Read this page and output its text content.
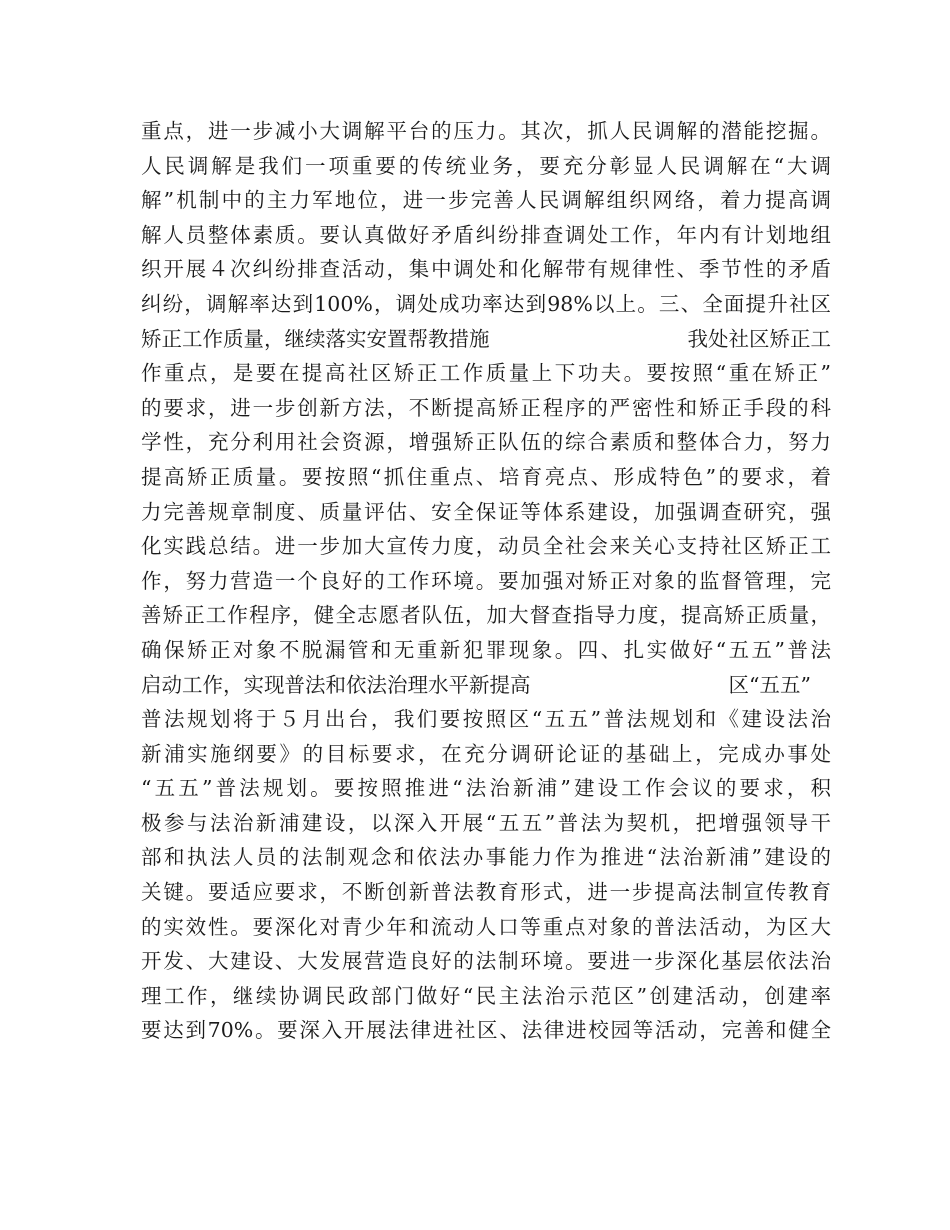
重点，进一步减小大调解平台的压力。其次，抓人民调解的潜能挖掘。
人民调解是我们一项重要的传统业务，要充分彰显人民调解在“大调
解”机制中的主力军地位，进一步完善人民调解组织网络，着力提高调
解人员整体素质。要认真做好矛盾纠纷排查调处工作，年内有计划地组
织开展４次纠纷排查活动，集中调处和化解带有规律性、季节性的矛盾
纠纷，调解率达到100%，调处成功率达到98%以上。三、全面提升社区
矫正工作质量，继续落实安置帮教措施	我处社区矫正工
作重点，是要在提高社区矫正工作质量上下功夫。要按照“重在矫正”
的要求，进一步创新方法，不断提高矫正程序的严密性和矫正手段的科
学性，充分利用社会资源，增强矫正队伍的综合素质和整体合力，努力
提高矫正质量。要按照“抓住重点、培育亮点、形成特色”的要求，着
力完善规章制度、质量评估、安全保证等体系建设，加强调查研究，强
化实践总结。进一步加大宣传力度，动员全社会来关心支持社区矫正工
作，努力营造一个良好的工作环境。要加强对矫正对象的监督管理，完
善矫正工作程序，健全志愿者队伍，加大督查指导力度，提高矫正质量，
确保矫正对象不脱漏管和无重新犯罪现象。四、扎实做好“五五”普法
启动工作，实现普法和依法治理水平新提高	区“五五”
普法规划将于５月出台，我们要按照区“五五”普法规划和《建设法治
新浦实施纲要》的目标要求，在充分调研论证的基础上，完成办事处
“五五”普法规划。要按照推进“法治新浦”建设工作会议的要求，积
极参与法治新浦建设，以深入开展“五五”普法为契机，把增强领导干
部和执法人员的法制观念和依法办事能力作为推进“法治新浦”建设的
关键。要适应要求，不断创新普法教育形式，进一步提高法制宣传教育
的实效性。要深化对青少年和流动人口等重点对象的普法活动，为区大
开发、大建设、大发展营造良好的法制环境。要进一步深化基层依法治
理工作，继续协调民政部门做好“民主法治示范区”创建活动，创建率
要达到70%。要深入开展法律进社区、法律进校园等活动，完善和健全
